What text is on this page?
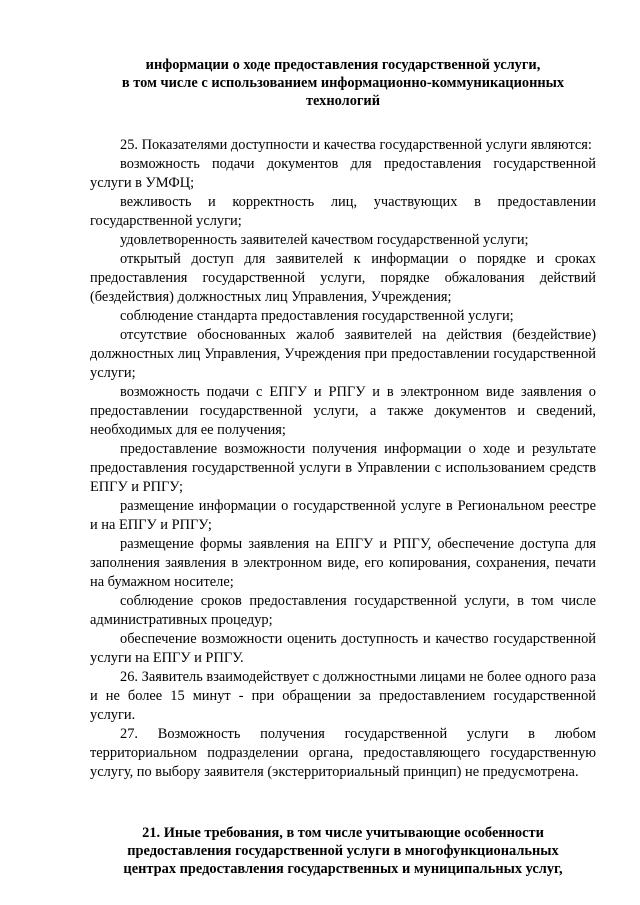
информации о ходе предоставления государственной услуги,
в том числе с использованием информационно-коммуникационных
технологий

25. Показателями доступности и качества государственной услуги являются:

возможность подачи документов для предоставления государственной услуги в УМФЦ;

вежливость и корректность лиц, участвующих в предоставлении государственной услуги;

удовлетворенность заявителей качеством государственной услуги;

открытый доступ для заявителей к информации о порядке и сроках предоставления государственной услуги, порядке обжалования действий (бездействия) должностных лиц Управления, Учреждения;

соблюдение стандарта предоставления государственной услуги;

отсутствие обоснованных жалоб заявителей на действия (бездействие) должностных лиц Управления, Учреждения при предоставлении государственной услуги;

возможность подачи с ЕПГУ и РПГУ и в электронном виде заявления о предоставлении государственной услуги, а также документов и сведений, необходимых для ее получения;

предоставление возможности получения информации о ходе и результате предоставления государственной услуги в Управлении с использованием средств ЕПГУ и РПГУ;

размещение информации о государственной услуге в Региональном реестре и на ЕПГУ и РПГУ;

размещение формы заявления на ЕПГУ и РПГУ, обеспечение доступа для заполнения заявления в электронном виде, его копирования, сохранения, печати на бумажном носителе;

соблюдение сроков предоставления государственной услуги, в том числе административных процедур;

обеспечение возможности оценить доступность и качество государственной услуги на ЕПГУ и РПГУ.

26. Заявитель взаимодействует с должностными лицами не более одного раза и не более 15 минут - при обращении за предоставлением государственной услуги.

27. Возможность получения государственной услуги в любом территориальном подразделении органа, предоставляющего государственную услугу, по выбору заявителя (экстерриториальный принцип) не предусмотрена.

21. Иные требования, в том числе учитывающие особенности
предоставления государственной услуги в многофункциональных
центрах предоставления государственных и муниципальных услуг,
